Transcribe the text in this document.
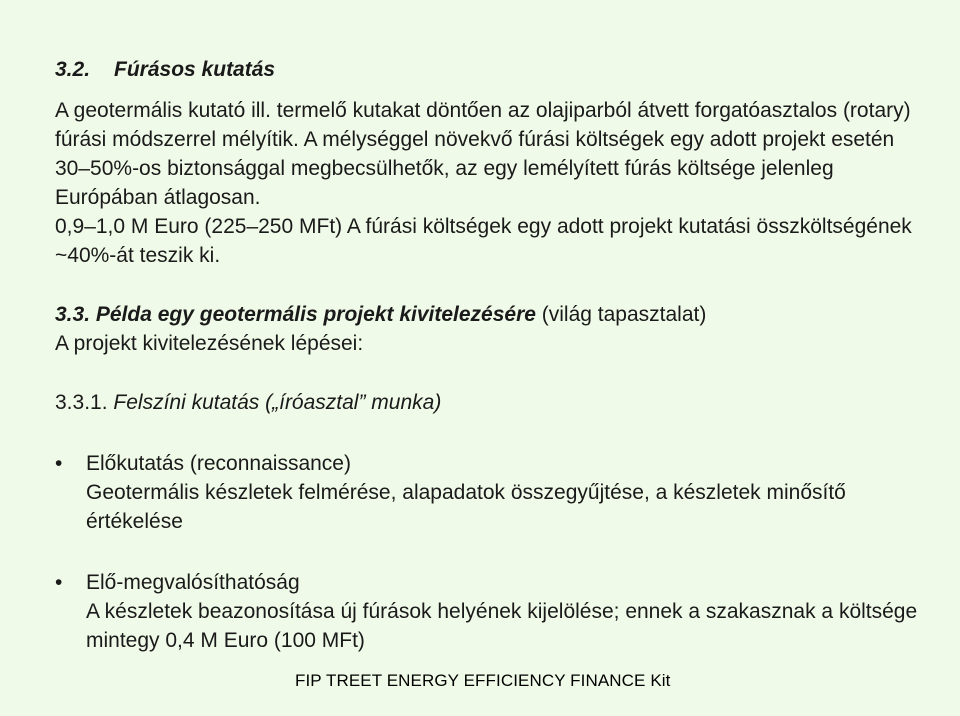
3.2. Fúrásos kutatás

A geotermális kutató ill. termelő kutakat döntően az olajiparból átvett forgatóasztalos (rotary) fúrási módszerrel mélyítik. A mélységgel növekvő fúrási költségek egy adott projekt esetén 30–50%-os biztonsággal megbecsülhetők, az egy lemélyített fúrás költsége jelenleg Európában átlagosan.

0,9–1,0 M Euro (225–250 MFt) A fúrási költségek egy adott projekt kutatási összköltségének ~40%-át teszik ki.

3.3. Példa egy geotermális projekt kivitelezésére (világ tapasztalat)

A projekt kivitelezésének lépései:

3.3.1. Felszíni kutatás („íróasztal” munka)

• Előkutatás (reconnaissance)

Geotermális készletek felmérése, alapadatok összegyűjtése, a készletek minősítő értékelése

• Elő-megvalósíthatóság

A készletek beazonosítása új fúrások helyének kijelölése; ennek a szakasznak a költsége mintegy 0,4 M Euro (100 MFt)

FIP TREET ENERGY EFFICIENCY FINANCE Kit
